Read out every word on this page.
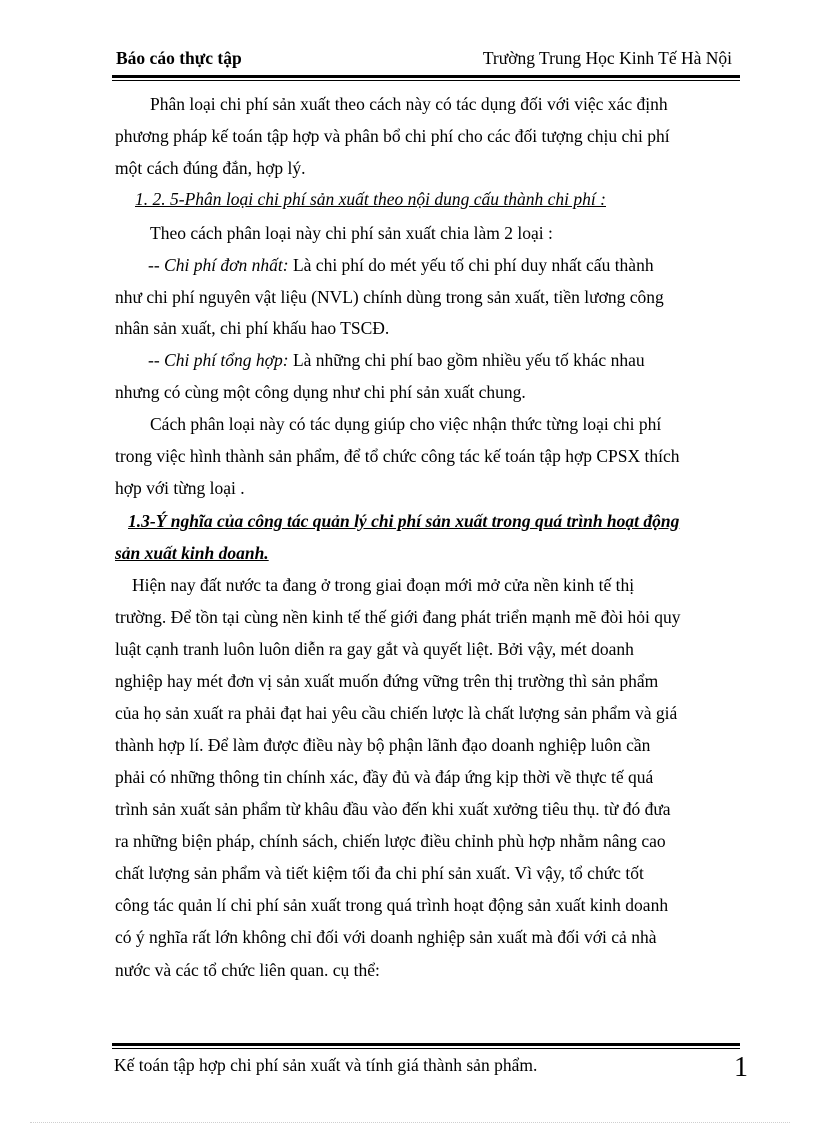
Báo cáo thực tập	Trường Trung Học Kinh Tế Hà Nội
Phân loại chi phí sản xuất theo cách này có tác dụng đối với việc xác định
phương pháp kế toán tập hợp và phân bổ chi phí cho các đối tượng chịu chi phí
một cách đúng đắn, hợp lý.
1. 2. 5-Phân loại chi phí sản xuất theo nội dung cấu thành chi phí :
Theo cách phân loại này chi phí sản xuất chia làm 2 loại :
-- Chi phí đơn nhất: Là chi phí do mét yếu tố chi phí duy nhất cấu thành
như chi phí nguyên vật liệu (NVL) chính dùng trong sản xuất, tiền lương công
nhân sản xuất, chi phí khấu hao TSCĐ.
-- Chi phí tổng hợp: Là những chi phí bao gồm nhiều yếu tố khác nhau
nhưng có cùng một công dụng như chi phí sản xuất chung.
Cách phân loại này có tác dụng giúp cho việc nhận thức từng loại chi phí
trong việc hình thành sản phẩm, để tổ chức công tác kế toán tập hợp CPSX thích
hợp với từng loại .
1.3-Ý nghĩa của công tác quản lý chi phí sản xuất trong quá trình hoạt động
sản xuất kinh doanh.
Hiện nay đất nước ta đang ở trong giai đoạn mới mở cửa nền kinh tế thị
trường. Để tồn tại cùng nền kinh tế thế giới đang phát triển mạnh mẽ đòi hỏi quy
luật cạnh tranh luôn luôn diễn ra gay gắt và quyết liệt. Bởi vậy, mét doanh
nghiệp hay mét đơn vị sản xuất muốn đứng vững trên thị trường thì sản phẩm
của họ sản xuất ra phải đạt hai yêu cầu chiến lược là chất lượng sản phẩm và giá
thành hợp lí. Để làm được điều này bộ phận lãnh đạo doanh nghiệp luôn cần
phải có những thông tin chính xác, đầy đủ và đáp ứng kịp thời về thực tế quá
trình sản xuất sản phẩm từ khâu đầu vào đến khi xuất xưởng tiêu thụ. từ đó đưa
ra những biện pháp, chính sách, chiến lược điều chỉnh phù hợp nhằm nâng cao
chất lượng sản phẩm và tiết kiệm tối đa chi phí sản xuất. Vì vậy, tổ chức tốt
công tác quản lí chi phí sản xuất trong quá trình hoạt động sản xuất kinh doanh
có ý nghĩa rất lớn không chỉ đối với doanh nghiệp sản xuất mà đối với cả nhà
nước và các tổ chức liên quan. cụ thể:
Kế toán tập hợp chi phí sản xuất và tính giá thành sản phẩm.	1
